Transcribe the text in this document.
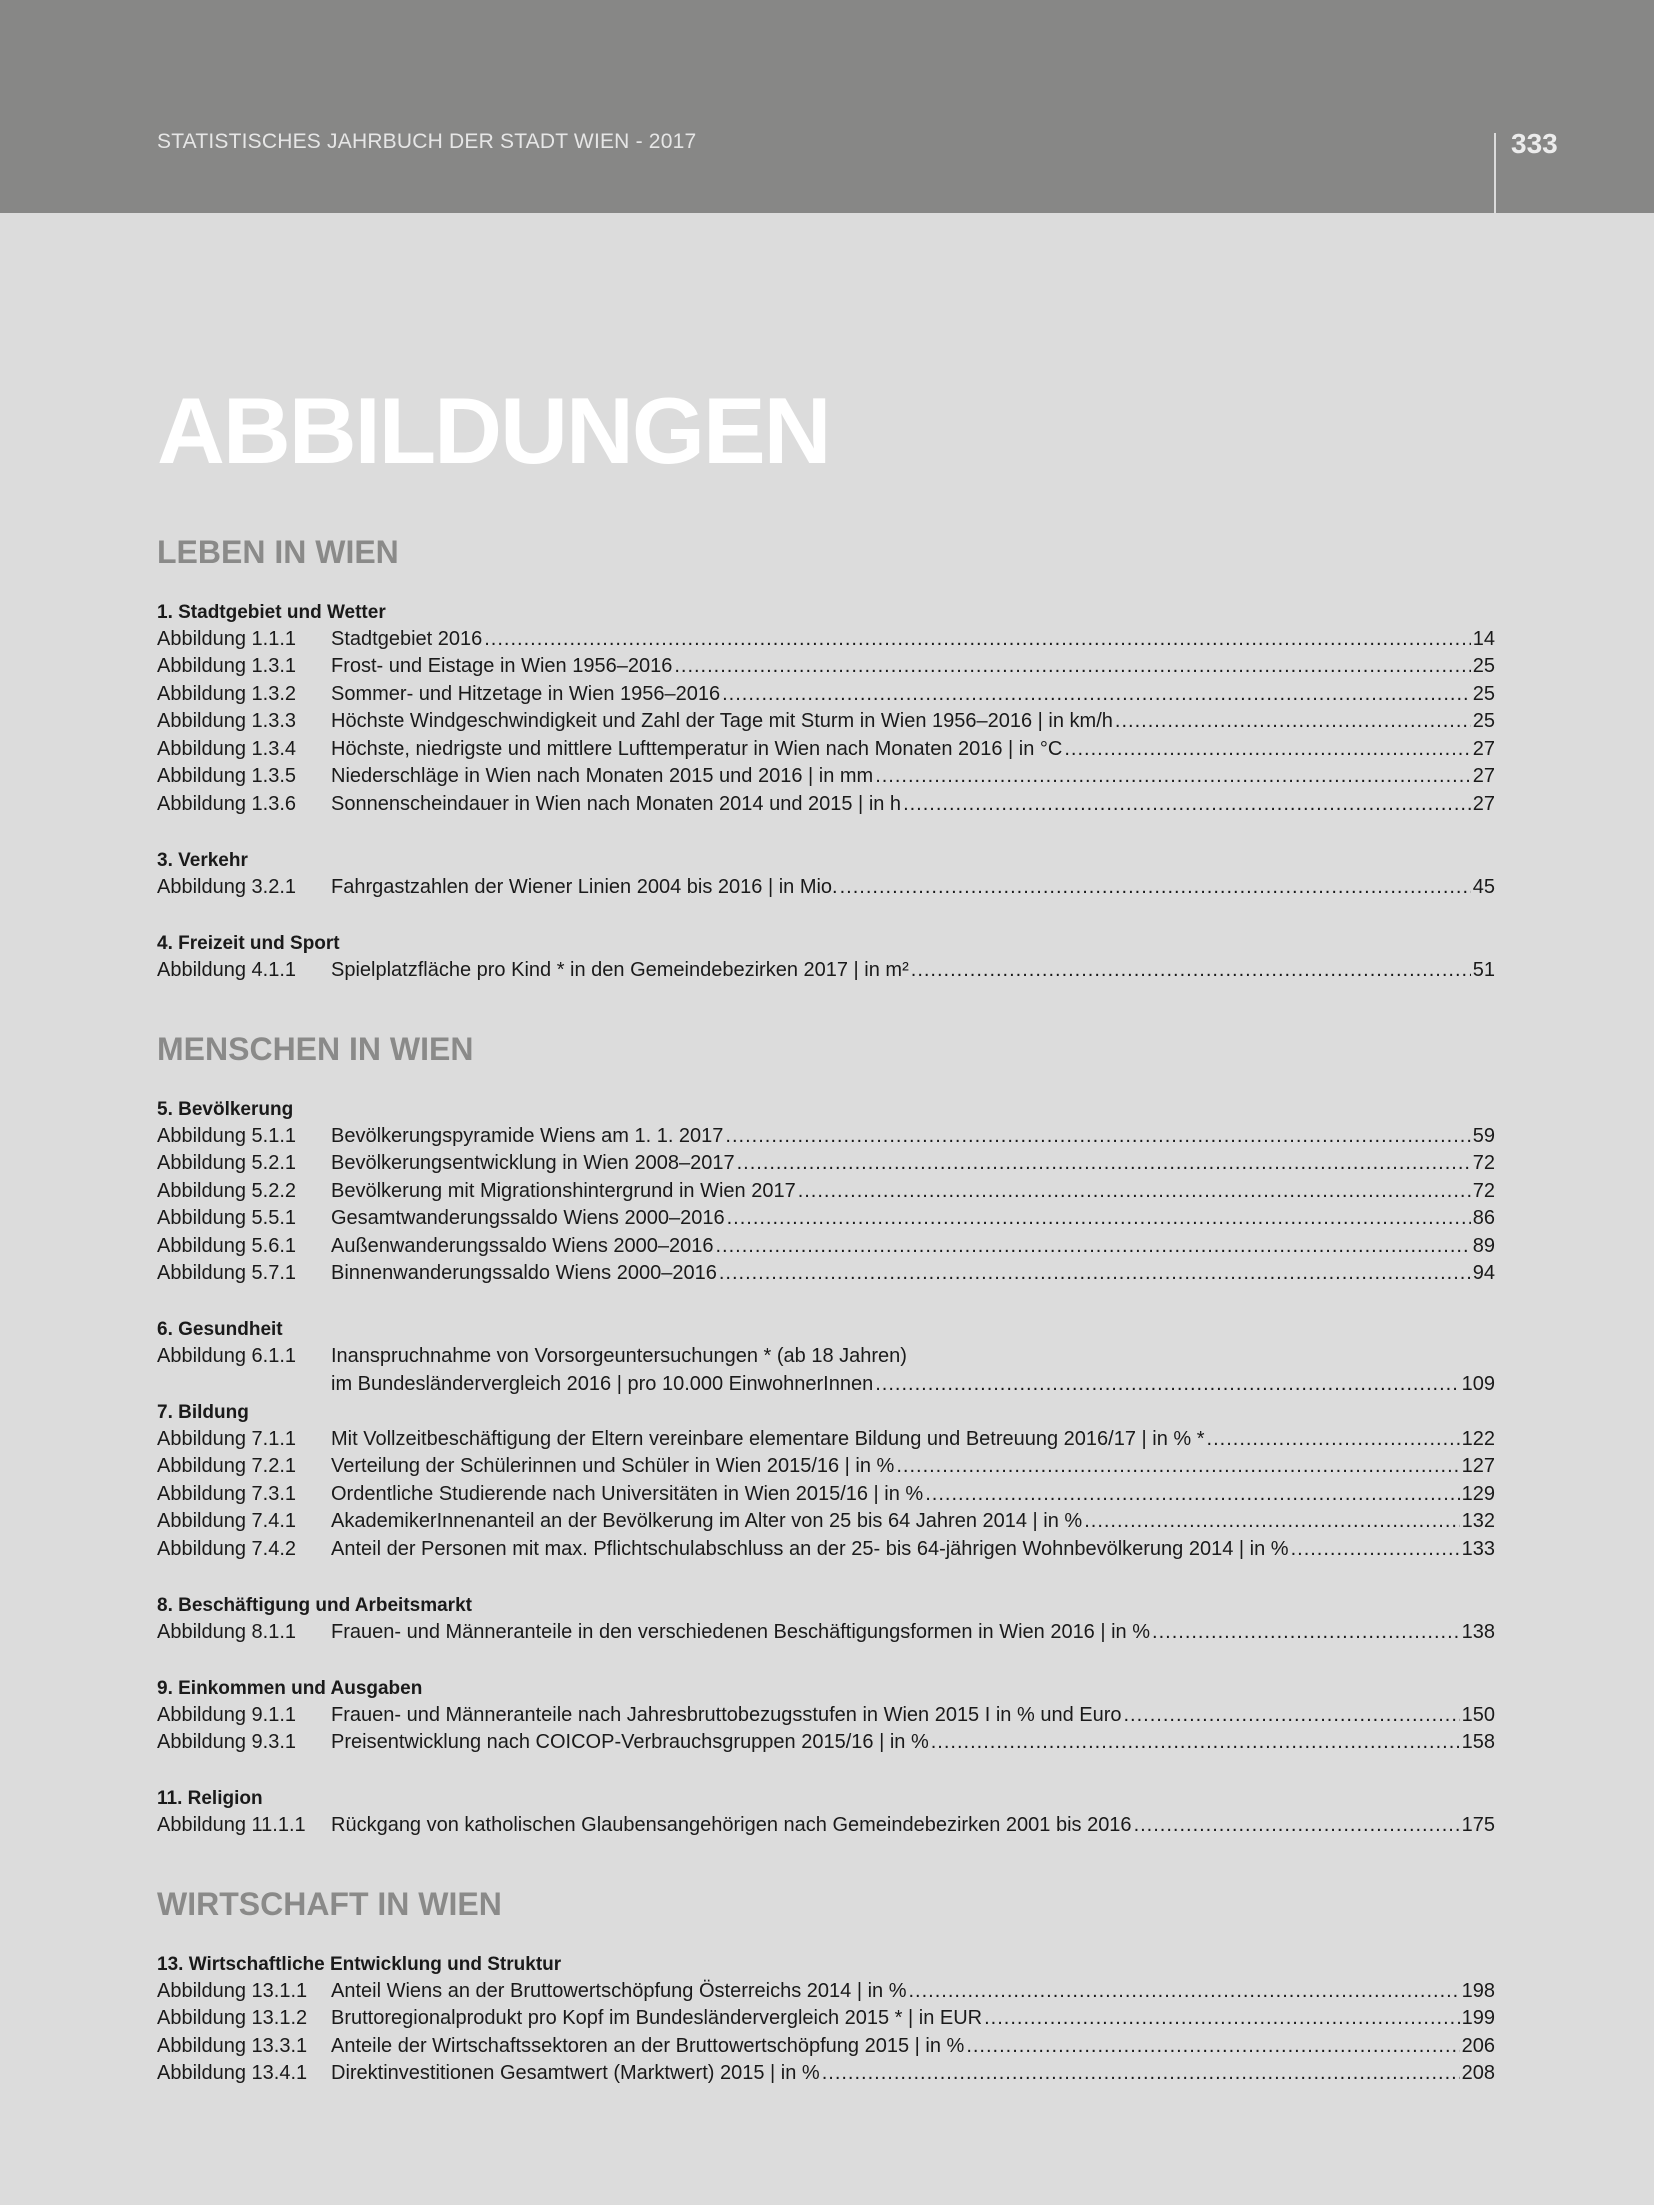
STATISTISCHES JAHRBUCH DER STADT WIEN - 2017	333
ABBILDUNGEN
LEBEN IN WIEN
1. Stadtgebiet und Wetter
Abbildung 1.1.1	Stadtgebiet 2016 .....	14
Abbildung 1.3.1	Frost- und Eistage in Wien 1956–2016 .....	25
Abbildung 1.3.2	Sommer- und Hitzetage in Wien 1956–2016 .....	25
Abbildung 1.3.3	Höchste Windgeschwindigkeit und Zahl der Tage mit Sturm in Wien 1956–2016 | in km/h .....	25
Abbildung 1.3.4	Höchste, niedrigste und mittlere Lufttemperatur in Wien nach Monaten 2016 | in °C .....	27
Abbildung 1.3.5	Niederschläge in Wien nach Monaten 2015 und 2016 | in mm .....	27
Abbildung 1.3.6	Sonnenscheindauer in Wien nach Monaten 2014 und 2015 | in h .....	27
3. Verkehr
Abbildung 3.2.1	Fahrgastzahlen der Wiener Linien 2004 bis 2016 | in Mio. .....	45
4. Freizeit und Sport
Abbildung 4.1.1	Spielplatzfläche pro Kind * in den Gemeindebezirken 2017 | in m² .....	51
MENSCHEN IN WIEN
5. Bevölkerung
Abbildung 5.1.1	Bevölkerungspyramide Wiens am 1. 1. 2017 .....	59
Abbildung 5.2.1	Bevölkerungsentwicklung in Wien 2008–2017 .....	72
Abbildung 5.2.2	Bevölkerung mit Migrationshintergrund in Wien 2017 .....	72
Abbildung 5.5.1	Gesamtwanderungssaldo Wiens 2000–2016 .....	86
Abbildung 5.6.1	Außenwanderungssaldo Wiens 2000–2016 .....	89
Abbildung 5.7.1	Binnenwanderungssaldo Wiens 2000–2016 .....	94
6. Gesundheit
Abbildung 6.1.1	Inanspruchnahme von Vorsorgeuntersuchungen * (ab 18 Jahren)
im Bundesländervergleich 2016 | pro 10.000 EinwohnerInnen .....	109
7. Bildung
Abbildung 7.1.1	Mit Vollzeitbeschäftigung der Eltern vereinbare elementare Bildung und Betreuung 2016/17 | in % * .....	122
Abbildung 7.2.1	Verteilung der Schülerinnen und Schüler in Wien 2015/16 | in % .....	127
Abbildung 7.3.1	Ordentliche Studierende nach Universitäten in Wien 2015/16 | in % .....	129
Abbildung 7.4.1	AkademikerInnenanteil an der Bevölkerung im Alter von 25 bis 64 Jahren 2014 | in % .....	132
Abbildung 7.4.2	Anteil der Personen mit max. Pflichtschulabschluss an der 25- bis 64-jährigen Wohnbevölkerung 2014 | in % .....	133
8. Beschäftigung und Arbeitsmarkt
Abbildung 8.1.1	Frauen- und Männeranteile in den verschiedenen Beschäftigungsformen in Wien 2016 | in % .....	138
9. Einkommen und Ausgaben
Abbildung 9.1.1	Frauen- und Männeranteile nach Jahresbruttobezugsstufen in Wien 2015 I in % und Euro .....	150
Abbildung 9.3.1	Preisentwicklung nach COICOP-Verbrauchsgruppen 2015/16 | in % .....	158
11. Religion
Abbildung 11.1.1	Rückgang von katholischen Glaubensangehörigen nach Gemeindebezirken 2001 bis 2016 .....	175
WIRTSCHAFT IN WIEN
13. Wirtschaftliche Entwicklung und Struktur
Abbildung 13.1.1	Anteil Wiens an der Bruttowertschöpfung Österreichs 2014 | in % .....	198
Abbildung 13.1.2	Bruttoregionalprodukt pro Kopf im Bundesländervergleich 2015 * | in EUR .....	199
Abbildung 13.3.1	Anteile der Wirtschaftssektoren an der Bruttowertschöpfung 2015 | in % .....	206
Abbildung 13.4.1	Direktinvestitionen Gesamtwert (Marktwert) 2015 | in % .....	208
